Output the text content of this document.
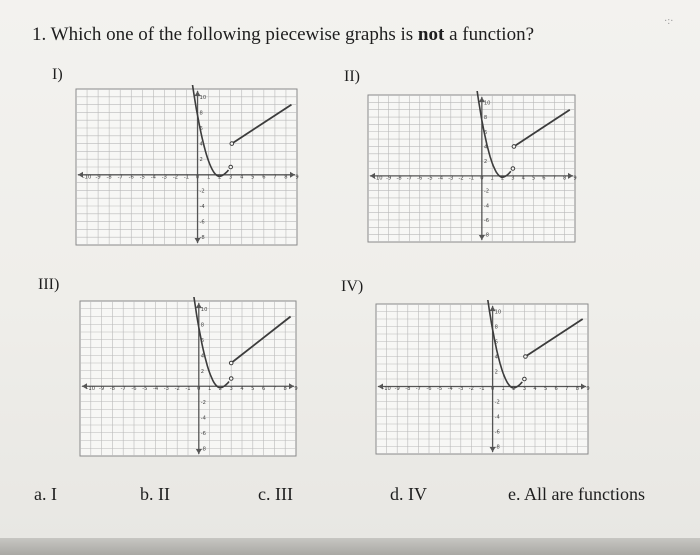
·:·
1. Which one of the following piecewise graphs is not a function?
I)	II)
III)	IV)
-10 -9 -8 -7 -6 -5 -4 -3 -2 -1 0 1 2 3 4 5 6 7 8 9
10
8
6
4
2
-2
-4
-6
-8
-10 -9 -8 -7 -6 -5 -4 -3 -2 -1 0 1 2 3 4 5 6 7 8 9
10
8
6
4
2
-2
-4
-6
-8
-10 -9 -8 -7 -6 -5 -4 -3 -2 -1 0 1 2 3 4 5 6 7 8 9
10
8
6
4
2
-2
-4
-6
-8
-10 -9 -8 -7 -6 -5 -4 -3 -2 -1 0 1 2 3 4 5 6 7 8 9
10
8
6
4
2
-2
-4
-6
-8
a. I	b. II	c. III	d. IV	e. All are functions
